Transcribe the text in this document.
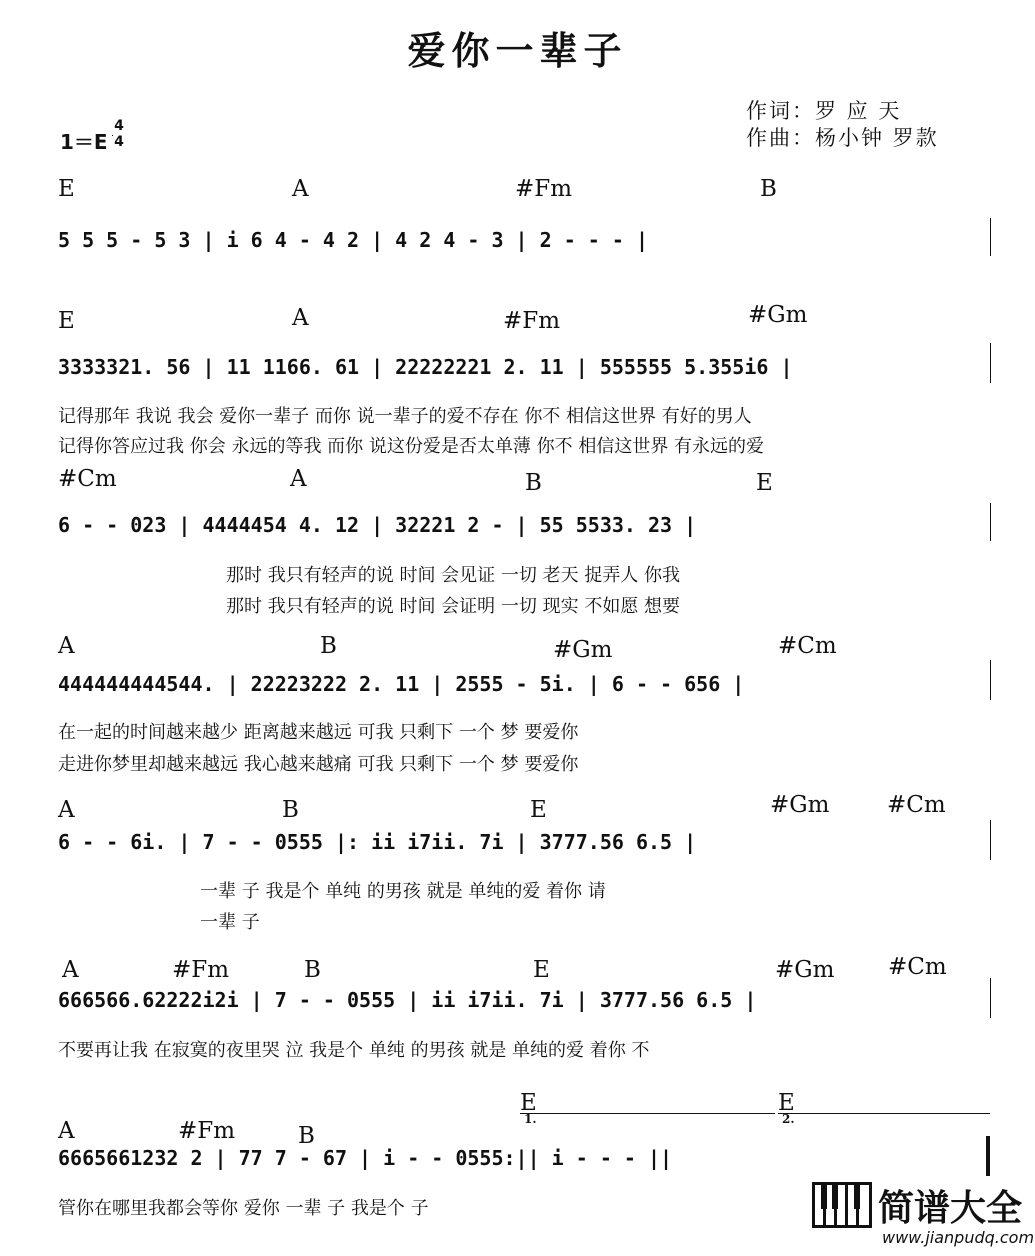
爱你一辈子
作词：罗 应 天
作曲：杨小钟 罗款
1＝E
4
4
E	A	#Fm	B
5 5 5 - 5 3 | i 6 4 - 4 2 | 4 2 4 - 3 | 2 - - - |
E	A	#Fm	#Gm
3333321. 56 | 11 1166. 61 | 22222221 2. 11 | 555555 5.355i6 |
记得那年 我说 我会 爱你一辈子 而你 说一辈子的爱不存在 你不 相信这世界 有好的男人
记得你答应过我 你会 永远的等我 而你 说这份爱是否太单薄 你不 相信这世界 有永远的爱
#Cm	A	B	E
6 - - 023 | 4444454 4. 12 | 32221 2 - | 55 5533. 23 |
那时 我只有轻声的说 时间 会见证 一切 老天 捉弄人 你我
那时 我只有轻声的说 时间 会证明 一切 现实 不如愿 想要
A	B	#Gm	#Cm
444444444544. | 22223222 2. 11 | 2555 - 5i. | 6 - - 656 |
在一起的时间越来越少 距离越来越远 可我 只剩下 一个 梦 要爱你
走进你梦里却越来越远 我心越来越痛 可我 只剩下 一个 梦 要爱你
A	B	E	#Gm	#Cm
6 - - 6i. | 7 - - 0555 |: ii i7ii. 7i | 3777.56 6.5 |
一辈 子 我是个 单纯 的男孩 就是 单纯的爱 着你 请
一辈 子
A	#Fm	B	E	#Gm #Cm
666566.62222i2i | 7 - - 0555 | ii i7ii. 7i | 3777.56 6.5 |
不要再让我 在寂寞的夜里哭 泣 我是个 单纯 的男孩 就是 单纯的爱 着你 不
A	#Fm	B
E	E
1.	2.
6665661232 2 | 77 7 - 67 | i - - 0555:|| i - - - ||
管你在哪里我都会等你 爱你 一辈 子 我是个 子	简谱大全
www.jianpudq.com
